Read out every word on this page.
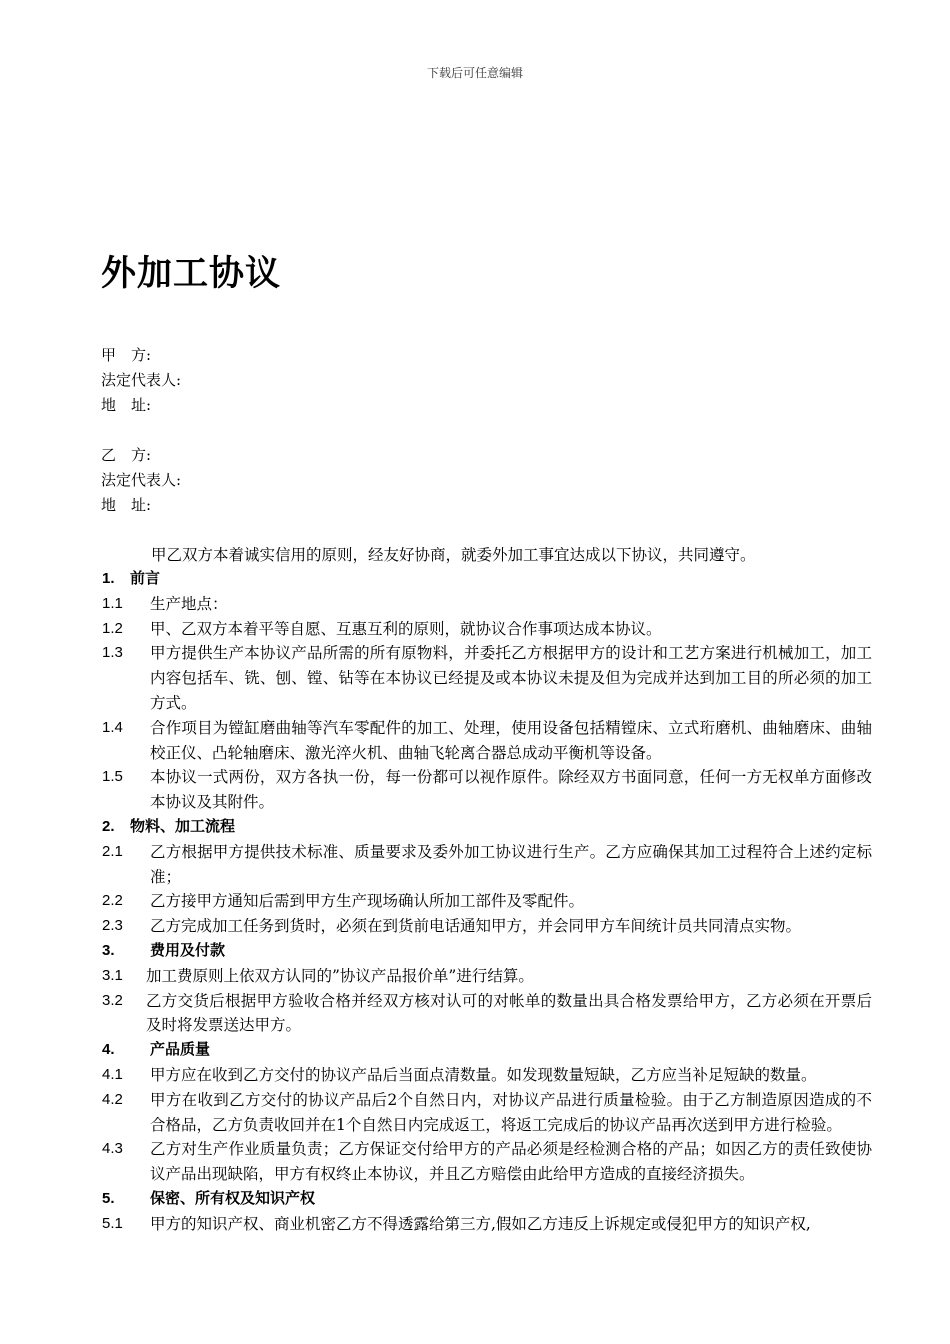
下载后可任意编辑
外加工协议
甲　方:
法定代表人:
地　址:
乙　方:
法定代表人:
地　址:
甲乙双方本着诚实信用的原则，经友好协商，就委外加工事宜达成以下协议，共同遵守。
1. 前言
1.1	生产地点：
1.2	甲、乙双方本着平等自愿、互惠互利的原则，就协议合作事项达成本协议。
1.3	甲方提供生产本协议产品所需的所有原物料，并委托乙方根据甲方的设计和工艺方案进行机械加工，加工内容包括车、铣、刨、镗、钻等在本协议已经提及或本协议未提及但为完成并达到加工目的所必须的加工方式。
1.4	合作项目为镗缸磨曲轴等汽车零配件的加工、处理，使用设备包括精镗床、立式珩磨机、曲轴磨床、曲轴校正仪、凸轮轴磨床、激光淬火机、曲轴飞轮离合器总成动平衡机等设备。
1.5	本协议一式两份，双方各执一份，每一份都可以视作原件。除经双方书面同意，任何一方无权单方面修改本协议及其附件。
2. 物料、加工流程
2.1	乙方根据甲方提供技术标准、质量要求及委外加工协议进行生产。乙方应确保其加工过程符合上述约定标准；
2.2	乙方接甲方通知后需到甲方生产现场确认所加工部件及零配件。
2.3	乙方完成加工任务到货时，必须在到货前电话通知甲方，并会同甲方车间统计员共同清点实物。
3. 费用及付款
3.1	加工费原则上依双方认同的”协议产品报价单”进行结算。
3.2	乙方交货后根据甲方验收合格并经双方核对认可的对帐单的数量出具合格发票给甲方，乙方必须在开票后及时将发票送达甲方。
4. 产品质量
4.1	甲方应在收到乙方交付的协议产品后当面点清数量。如发现数量短缺，乙方应当补足短缺的数量。
4.2	甲方在收到乙方交付的协议产品后2个自然日内，对协议产品进行质量检验。由于乙方制造原因造成的不合格品，乙方负责收回并在1个自然日内完成返工，将返工完成后的协议产品再次送到甲方进行检验。
4.3	乙方对生产作业质量负责；乙方保证交付给甲方的产品必须是经检测合格的产品；如因乙方的责任致使协议产品出现缺陷，甲方有权终止本协议，并且乙方赔偿由此给甲方造成的直接经济损失。
5. 保密、所有权及知识产权
5.1	甲方的知识产权、商业机密乙方不得透露给第三方,假如乙方违反上诉规定或侵犯甲方的知识产权,
